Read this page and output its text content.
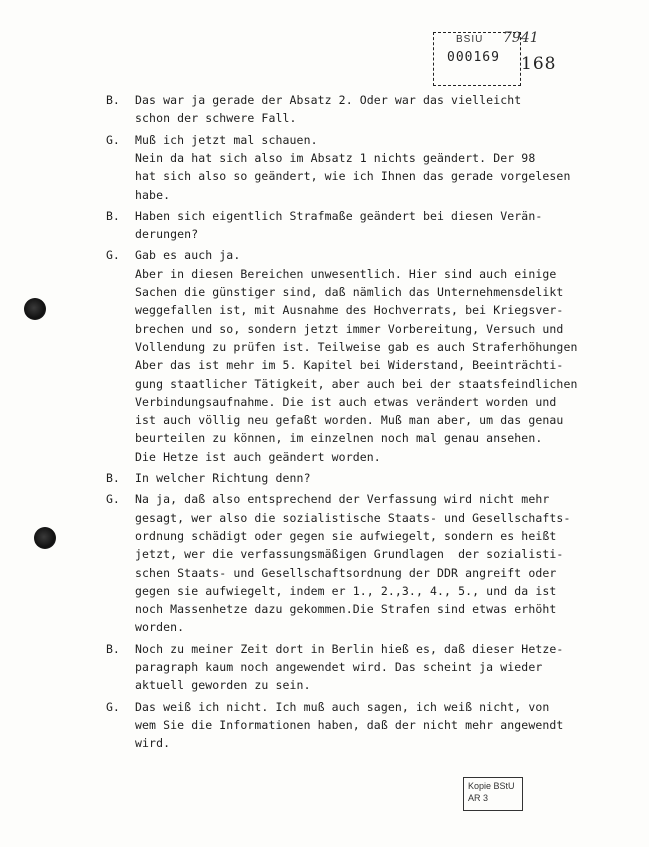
BSIU
000169
7941
168
B. Das war ja gerade der Absatz 2. Oder war das vielleicht
schon der schwere Fall.
G. Muß ich jetzt mal schauen.
Nein da hat sich also im Absatz 1 nichts geändert. Der 98
hat sich also so geändert, wie ich Ihnen das gerade vorgelesen
habe.
B. Haben sich eigentlich Strafmaße geändert bei diesen Verän-
derungen?
G. Gab es auch ja.
Aber in diesen Bereichen unwesentlich. Hier sind auch einige
Sachen die günstiger sind, daß nämlich das Unternehmensdelikt
weggefallen ist, mit Ausnahme des Hochverrats, bei Kriegsver-
brechen und so, sondern jetzt immer Vorbereitung, Versuch und
Vollendung zu prüfen ist. Teilweise gab es auch Straferhöhungen
Aber das ist mehr im 5. Kapitel bei Widerstand, Beeinträchti-
gung staatlicher Tätigkeit, aber auch bei der staatsfeindlichen
Verbindungsaufnahme. Die ist auch etwas verändert worden und
ist auch völlig neu gefaßt worden. Muß man aber, um das genau
beurteilen zu können, im einzelnen noch mal genau ansehen.
Die Hetze ist auch geändert worden.
B. In welcher Richtung denn?
G. Na ja, daß also entsprechend der Verfassung wird nicht mehr
gesagt, wer also die sozialistische Staats- und Gesellschafts-
ordnung schädigt oder gegen sie aufwiegelt, sondern es heißt
jetzt, wer die verfassungsmäßigen Grundlagen  der sozialisti-
schen Staats- und Gesellschaftsordnung der DDR angreift oder
gegen sie aufwiegelt, indem er 1., 2.,3., 4., 5., und da ist
noch Massenhetze dazu gekommen.Die Strafen sind etwas erhöht
worden.
B. Noch zu meiner Zeit dort in Berlin hieß es, daß dieser Hetze-
paragraph kaum noch angewendet wird. Das scheint ja wieder
aktuell geworden zu sein.
G. Das weiß ich nicht. Ich muß auch sagen, ich weiß nicht, von
wem Sie die Informationen haben, daß der nicht mehr angewendt
wird.
Kopie BStU
AR 3
